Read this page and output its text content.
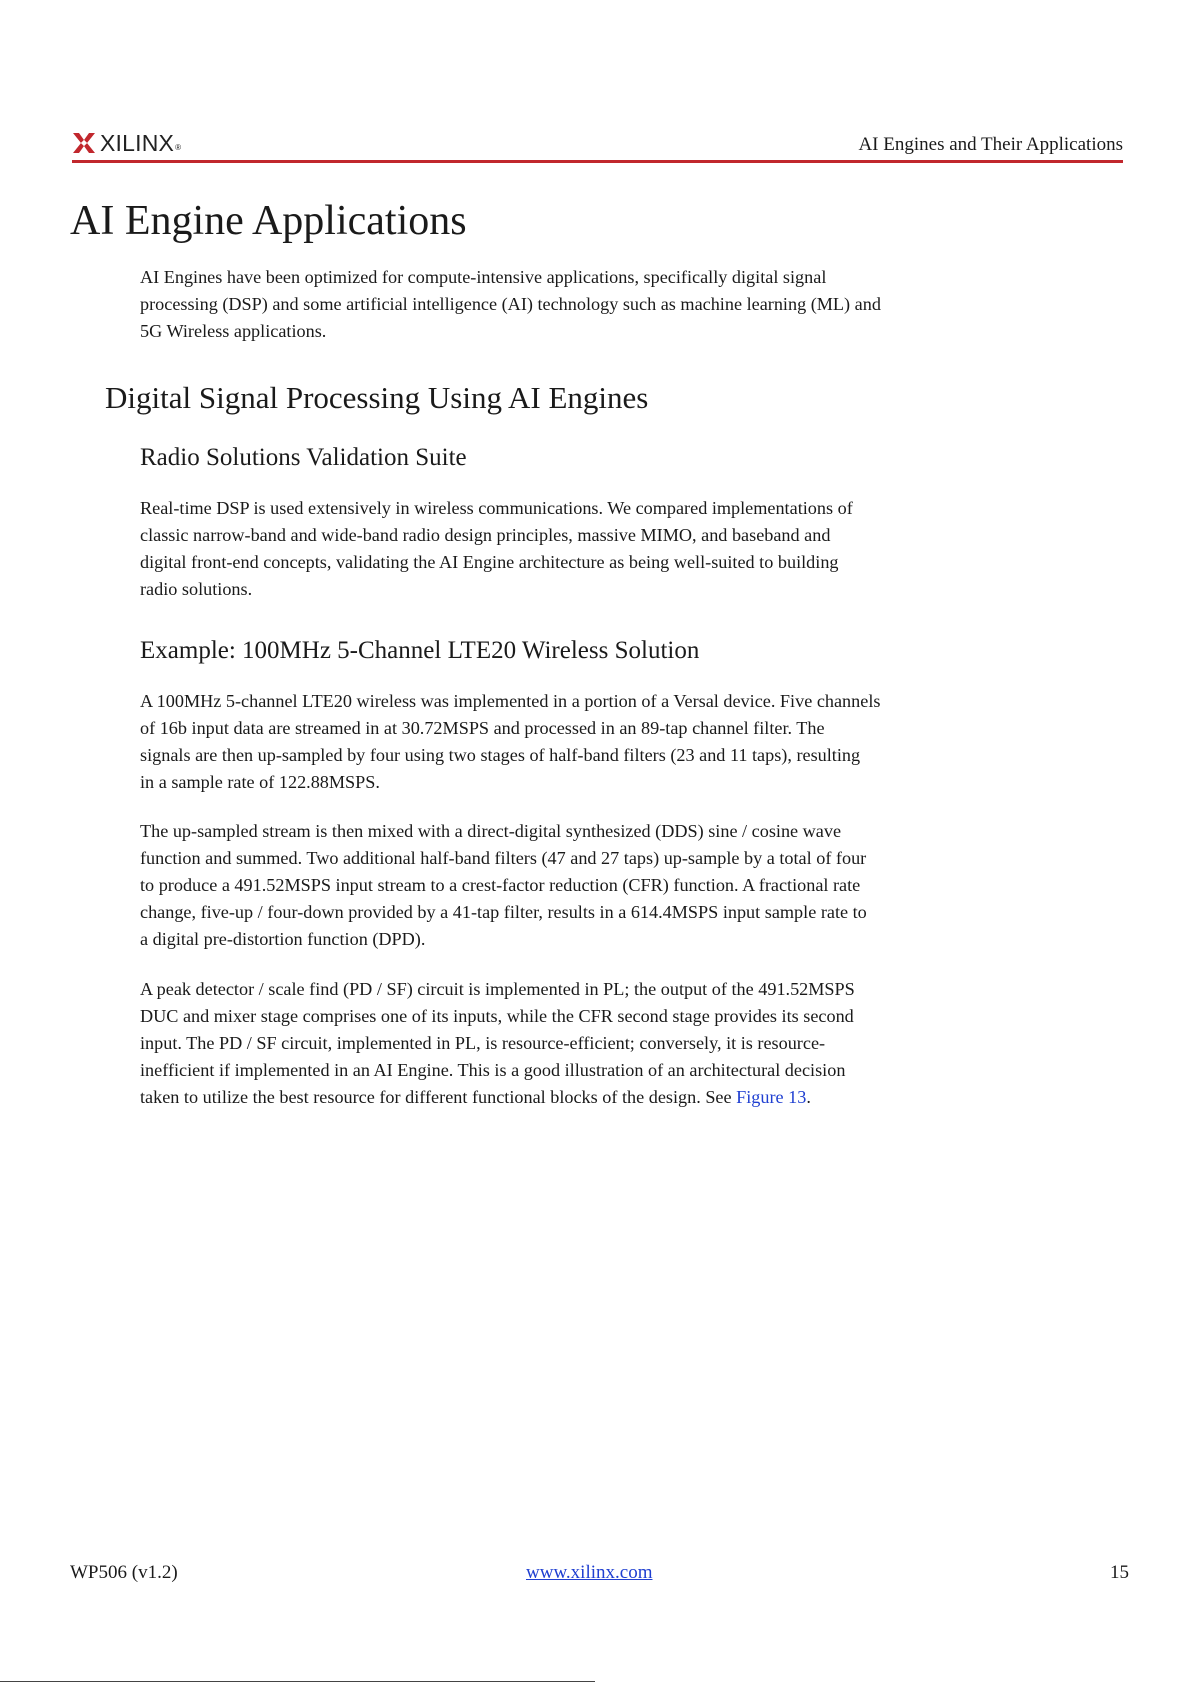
XILINX ®	AI Engines and Their Applications
AI Engine Applications

AI Engines have been optimized for compute-intensive applications, specifically digital signal
processing (DSP) and some artificial intelligence (AI) technology such as machine learning (ML) and
5G Wireless applications.

Digital Signal Processing Using AI Engines
Radio Solutions Validation Suite

Real-time DSP is used extensively in wireless communications. We compared implementations of
classic narrow-band and wide-band radio design principles, massive MIMO, and baseband and
digital front-end concepts, validating the AI Engine architecture as being well-suited to building
radio solutions.

Example: 100MHz 5-Channel LTE20 Wireless Solution

A 100MHz 5-channel LTE20 wireless was implemented in a portion of a Versal device. Five channels
of 16b input data are streamed in at 30.72MSPS and processed in an 89-tap channel filter. The
signals are then up-sampled by four using two stages of half-band filters (23 and 11 taps), resulting
in a sample rate of 122.88MSPS.

The up-sampled stream is then mixed with a direct-digital synthesized (DDS) sine / cosine wave
function and summed. Two additional half-band filters (47 and 27 taps) up-sample by a total of four
to produce a 491.52MSPS input stream to a crest-factor reduction (CFR) function. A fractional rate
change, five-up / four-down provided by a 41-tap filter, results in a 614.4MSPS input sample rate to
a digital pre-distortion function (DPD).

A peak detector / scale find (PD / SF) circuit is implemented in PL; the output of the 491.52MSPS
DUC and mixer stage comprises one of its inputs, while the CFR second stage provides its second
input. The PD / SF circuit, implemented in PL, is resource-efficient; conversely, it is resource-
inefficient if implemented in an AI Engine. This is a good illustration of an architectural decision
taken to utilize the best resource for different functional blocks of the design. See Figure 13.

WP506 (v1.2)	www.xilinx.com	15
